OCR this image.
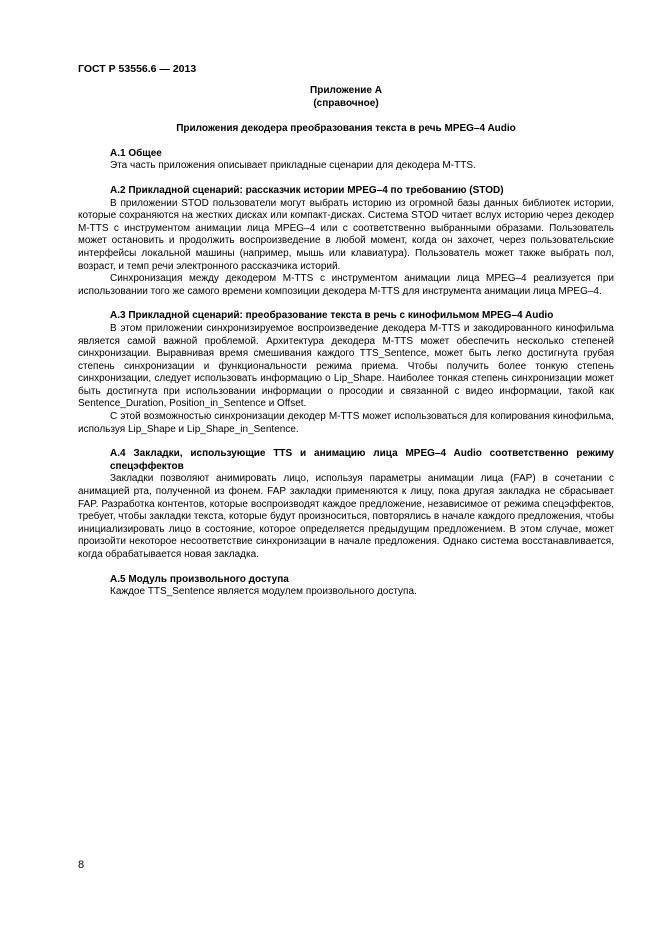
ГОСТ Р 53556.6 — 2013
Приложение А
(справочное)
Приложения декодера преобразования текста в речь MPEG–4 Audio
А.1 Общее

Эта часть приложения описывает прикладные сценарии для декодера M-TTS.

А.2 Прикладной сценарий: рассказчик истории MPEG–4 по требованию (STOD)

В приложении STOD пользователи могут выбрать историю из огромной базы данных библиотек истории, которые сохраняются на жестких дисках или компакт-дисках. Система STOD читает вслух историю через декодер M-TTS с инструментом анимации лица MPEG–4 или с соответственно выбранными образами. Пользователь может остановить и продолжить воспроизведение в любой момент, когда он захочет, через пользовательские интерфейсы локальной машины (например, мышь или клавиатура). Пользователь может также выбрать пол, возраст, и темп речи электронного рассказчика историй.

Синхронизация между декодером M-TTS с инструментом анимации лица MPEG–4 реализуется при использовании того же самого времени композиции декодера M-TTS для инструмента анимации лица MPEG–4.

А.3 Прикладной сценарий: преобразование текста в речь с кинофильмом MPEG–4 Audio

В этом приложении синхронизируемое воспроизведение декодера M-TTS и закодированного кинофильма является самой важной проблемой. Архитектура декодера M-TTS может обеспечить несколько степеней синхронизации. Выравнивая время смешивания каждого TTS_Sentence, может быть легко достигнута грубая степень синхронизации и функциональности режима приема. Чтобы получить более тонкую степень синхронизации, следует использовать информацию о Lip_Shape. Наиболее тонкая степень синхронизации может быть достигнута при использовании информации о просодии и связанной с видео информации, такой как Sentence_Duration, Position_in_Sentence и Offset.

С этой возможностью синхронизации декодер M-TTS может использоваться для копирования кинофильма, используя Lip_Shape и Lip_Shape_in_Sentence.

А.4 Закладки, использующие TTS и анимацию лица MPEG–4 Audio соответственно режиму спецэффектов

Закладки позволяют анимировать лицо, используя параметры анимации лица (FAP) в сочетании с анимацией рта, полученной из фонем. FAP закладки применяются к лицу, пока другая закладка не сбрасывает FAP. Разработка контентов, которые воспроизводят каждое предложение, независимое от режима спецэффектов, требует, чтобы закладки текста, которые будут произноситься, повторялись в начале каждого предложения, чтобы инициализировать лицо в состояние, которое определяется предыдущим предложением. В этом случае, может произойти некоторое несоответствие синхронизации в начале предложения. Однако система восстанавливается, когда обрабатывается новая закладка.

А.5 Модуль произвольного доступа

Каждое TTS_Sentence является модулем произвольного доступа.

8
